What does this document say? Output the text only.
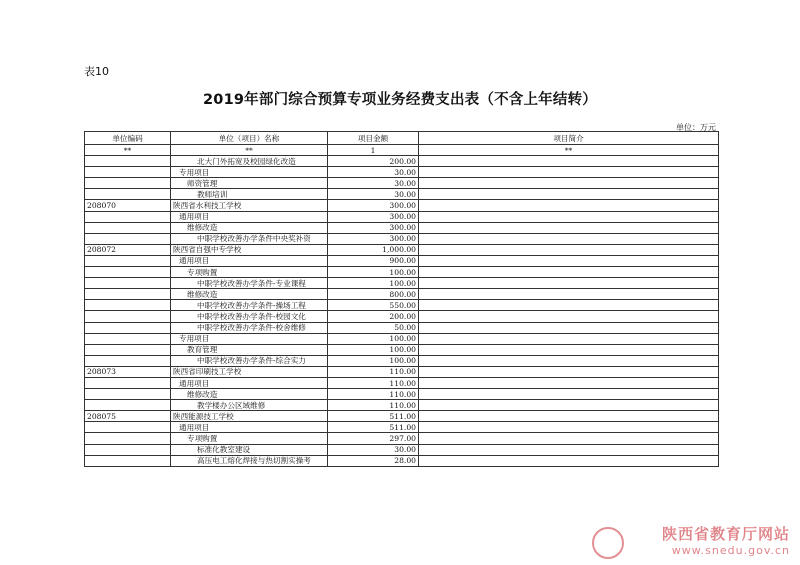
表10
2019年部门综合预算专项业务经费支出表（不含上年结转）
单位：万元
单位编码	单位（项目）名称	项目金额	项目简介
**	**	1	**
	北大门外拓宽及校园绿化改造	200.00	
	专用项目	30.00	
	师资管理	30.00	
	教师培训	30.00	
208070	陕西省水利技工学校	300.00	
	通用项目	300.00	
	维修改造	300.00	
	中职学校改善办学条件中央奖补资	300.00	
208072	陕西省自强中专学校	1,000.00	
	通用项目	900.00	
	专项购置	100.00	
	中职学校改善办学条件-专业课程	100.00	
	维修改造	800.00	
	中职学校改善办学条件-操场工程	550.00	
	中职学校改善办学条件-校园文化	200.00	
	中职学校改善办学条件-校舍维修	50.00	
	专用项目	100.00	
	教育管理	100.00	
	中职学校改善办学条件-综合实力	100.00	
208073	陕西省印刷技工学校	110.00	
	通用项目	110.00	
	维修改造	110.00	
	教学楼办公区域维修	110.00	
208075	陕西能源技工学校	511.00	
	通用项目	511.00	
	专项购置	297.00	
	标准化教室建设	30.00	
	高压电工熔化焊接与热切割实操考	28.00	
陕西省教育厅网站
www.snedu.gov.cn
